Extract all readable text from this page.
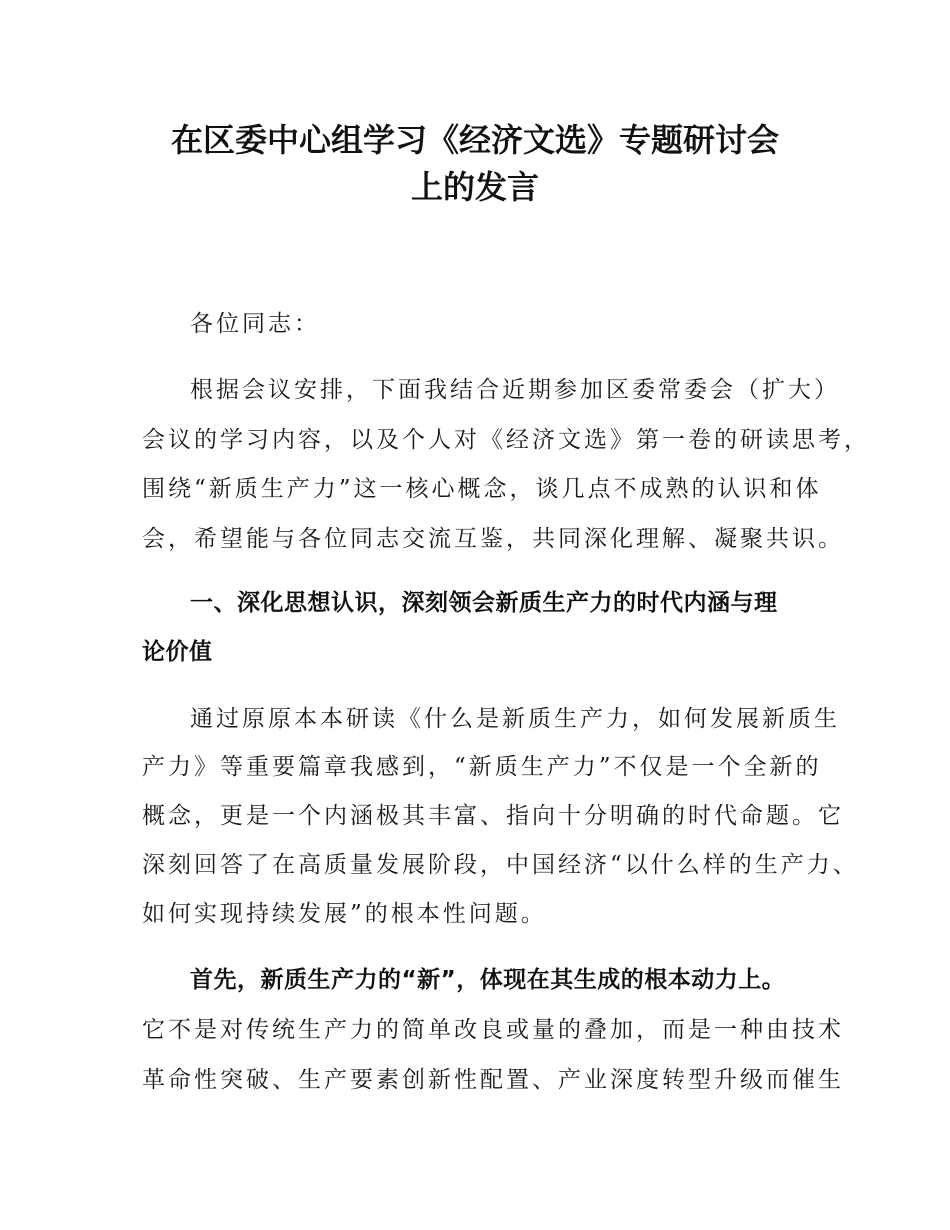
在区委中心组学习《经济文选》专题研讨会
上的发言
各位同志：
根据会议安排，下面我结合近期参加区委常委会（扩大）
会议的学习内容，以及个人对《经济文选》第一卷的研读思考，
围绕“新质生产力”这一核心概念，谈几点不成熟的认识和体
会，希望能与各位同志交流互鉴，共同深化理解、凝聚共识。
一、深化思想认识，深刻领会新质生产力的时代内涵与理
论价值
通过原原本本研读《什么是新质生产力，如何发展新质生
产力》等重要篇章我感到，“新质生产力”不仅是一个全新的
概念，更是一个内涵极其丰富、指向十分明确的时代命题。它
深刻回答了在高质量发展阶段，中国经济“以什么样的生产力、
如何实现持续发展”的根本性问题。
首先，新质生产力的“新”，体现在其生成的根本动力上。
它不是对传统生产力的简单改良或量的叠加，而是一种由技术
革命性突破、生产要素创新性配置、产业深度转型升级而催生
